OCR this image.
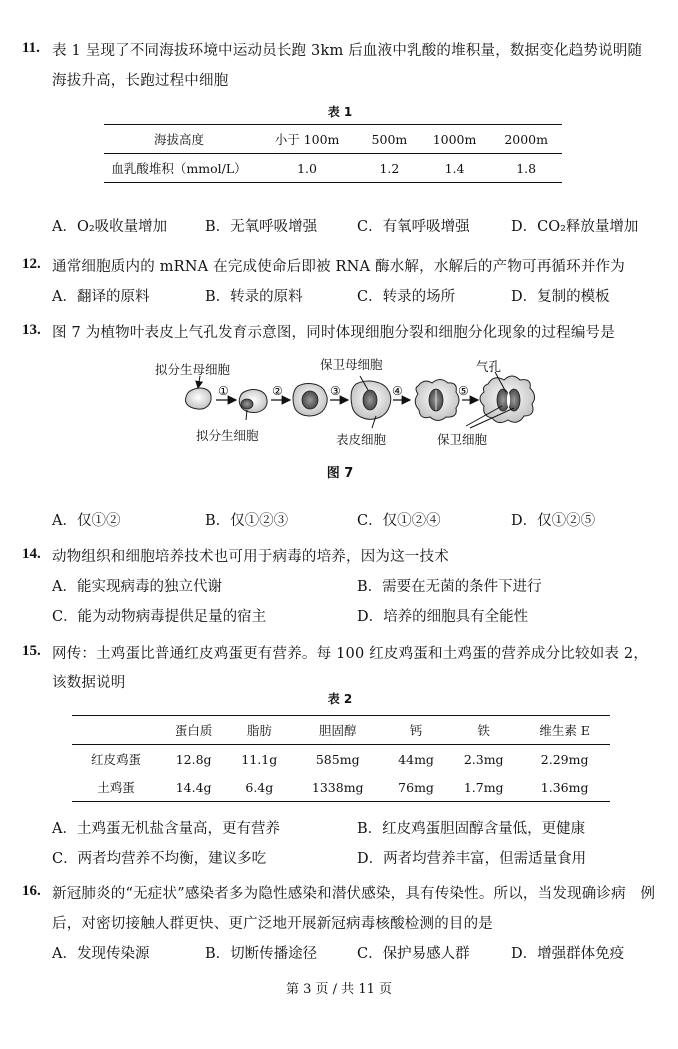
11. 表 1 呈现了不同海拔环境中运动员长跑 3km 后血液中乳酸的堆积量，数据变化趋势说明随
海拔升高，长跑过程中细胞
表 1
海拔高度	小于 100m	500m	1000m	2000m
血乳酸堆积（mmol/L）	1.0	1.2	1.4	1.8
A．O₂吸收量增加	B．无氧呼吸增强	C．有氧呼吸增强	D．CO₂释放量增加
12. 通常细胞质内的 mRNA 在完成使命后即被 RNA 酶水解，水解后的产物可再循环并作为
A．翻译的原料	B．转录的原料	C．转录的场所	D．复制的模板
13. 图 7 为植物叶表皮上气孔发育示意图，同时体现细胞分裂和细胞分化现象的过程编号是
拟分生母细胞	保卫母细胞	气孔
拟分生细胞	表皮细胞	保卫细胞
①	②	③	④	⑤
图 7
A．仅①②	B．仅①②③	C．仅①②④	D．仅①②⑤
14. 动物组织和细胞培养技术也可用于病毒的培养，因为这一技术
A．能实现病毒的独立代谢	B．需要在无菌的条件下进行
C．能为动物病毒提供足量的宿主	D．培养的细胞具有全能性
15. 网传：土鸡蛋比普通红皮鸡蛋更有营养。每 100 红皮鸡蛋和土鸡蛋的营养成分比较如表 2，
该数据说明
表 2
	蛋白质	脂肪	胆固醇	钙	铁	维生素 E
红皮鸡蛋	12.8g	11.1g	585mg	44mg	2.3mg	2.29mg
土鸡蛋	14.4g	6.4g	1338mg	76mg	1.7mg	1.36mg
A．土鸡蛋无机盐含量高，更有营养	B．红皮鸡蛋胆固醇含量低，更健康
C．两者均营养不均衡，建议多吃	D．两者均营养丰富，但需适量食用
16. 新冠肺炎的“无症状”感染者多为隐性感染和潜伏感染，具有传染性。所以，当发现确诊病　例
后，对密切接触人群更快、更广泛地开展新冠病毒核酸检测的目的是
A．发现传染源	B．切断传播途径	C．保护易感人群	D．增强群体免疫
第 3 页 / 共 11 页
